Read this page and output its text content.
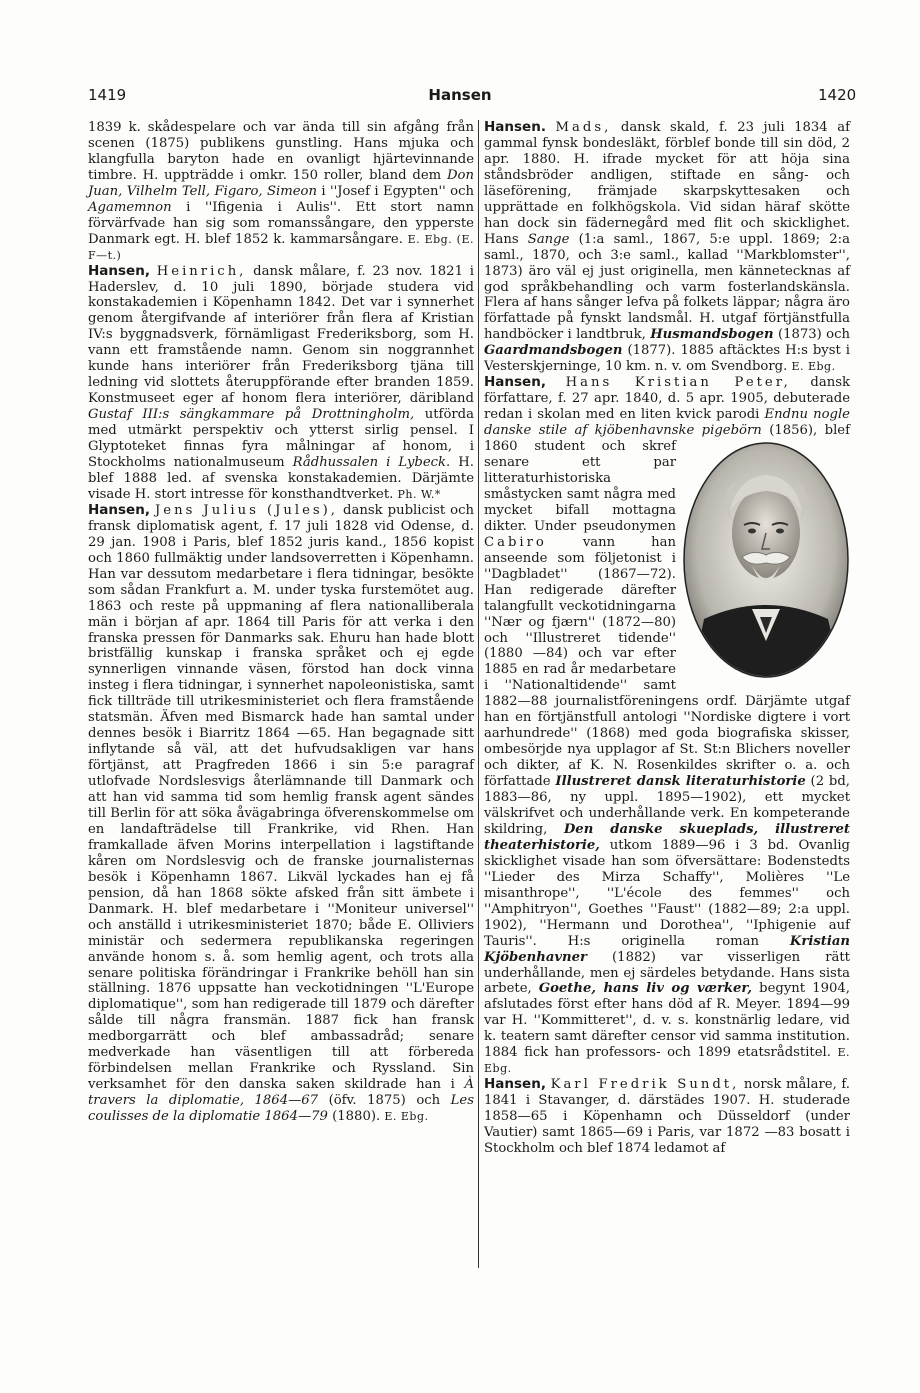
1419	Hansen	1420

1839 k. skådespelare och var ända till sin afgång från scenen (1875) publikens gunstling. Hans mjuka och klangfulla baryton hade en ovanligt hjärtevinnande timbre. H. uppträdde i omkr. 150 roller, bland dem Don Juan, Vilhelm Tell, Figaro, Simeon i ''Josef i Egypten'' och Agamemnon i ''Ifigenia i Aulis''. Ett stort namn förvärfvade han sig som romanssångare, den ypperste Danmark egt. H. blef 1852 k. kammarsångare. E. Ebg. (E. F—t.)

Hansen, Heinrich, dansk målare, f. 23 nov. 1821 i Haderslev, d. 10 juli 1890, började studera vid konstakademien i Köpenhamn 1842. Det var i synnerhet genom återgifvande af interiörer från flera af Kristian IV:s byggnadsverk, förnämligast Frederiksborg, som H. vann ett framstående namn. Genom sin noggrannhet kunde hans interiörer från Frederiksborg tjäna till ledning vid slottets återuppförande efter branden 1859. Konstmuseet eger af honom flera interiörer, däribland Gustaf III:s sängkammare på Drottningholm, utförda med utmärkt perspektiv och ytterst sirlig pensel. I Glyptoteket finnas fyra målningar af honom, i Stockholms nationalmuseum Rådhussalen i Lybeck. H. blef 1888 led. af svenska konstakademien. Därjämte visade H. stort intresse för konsthandtverket. Ph. W.*

Hansen, Jens Julius (Jules), dansk publicist och fransk diplomatisk agent, f. 17 juli 1828 vid Odense, d. 29 jan. 1908 i Paris, blef 1852 juris kand., 1856 kopist och 1860 fullmäktig under landsoverretten i Köpenhamn. Han var dessutom medarbetare i flera tidningar, besökte som sådan Frankfurt a. M. under tyska furstemötet aug. 1863 och reste på uppmaning af flera nationalliberala män i början af apr. 1864 till Paris för att verka i den franska pressen för Danmarks sak. Ehuru han hade blott bristfällig kunskap i franska språket och ej egde synnerligen vinnande väsen, förstod han dock vinna insteg i flera tidningar, i synnerhet napoleonistiska, samt fick tillträde till utrikesministeriet och flera framstående statsmän. Äfven med Bismarck hade han samtal under dennes besök i Biarritz 1864 —65. Han begagnade sitt inflytande så väl, att det hufvudsakligen var hans förtjänst, att Pragfreden 1866 i sin 5:e paragraf utlofvade Nordslesvigs återlämnande till Danmark och att han vid samma tid som hemlig fransk agent sändes till Berlin för att söka åvägabringa öfverenskommelse om en landafträdelse till Frankrike, vid Rhen. Han framkallade äfven Morins interpellation i lagstiftande kåren om Nordslesvig och de franske journalisternas besök i Köpenhamn 1867. Likväl lyckades han ej få pension, då han 1868 sökte afsked från sitt ämbete i Danmark. H. blef medarbetare i ''Moniteur universel'' och anställd i utrikesministeriet 1870; både E. Olliviers ministär och sedermera republikanska regeringen använde honom s. å. som hemlig agent, och trots alla senare politiska förändringar i Frankrike behöll han sin ställning. 1876 uppsatte han veckotidningen ''L'Europe diplomatique'', som han redigerade till 1879 och därefter sålde till några fransmän. 1887 fick han fransk medborgarrätt och blef ambassadråd; senare medverkade han väsentligen till att förbereda förbindelsen mellan Frankrike och Ryssland. Sin verksamhet för den danska saken skildrade han i À travers la diplomatie, 1864—67 (öfv. 1875) och Les coulisses de la diplomatie 1864—79 (1880). E. Ebg.

Hansen. Mads, dansk skald, f. 23 juli 1834 af gammal fynsk bondesläkt, förblef bonde till sin död, 2 apr. 1880. H. ifrade mycket för att höja sina ståndsbröder andligen, stiftade en sång- och läseförening, främjade skarpskyttesaken och upprättade en folkhögskola. Vid sidan häraf skötte han dock sin fädernegård med flit och skicklighet. Hans Sange (1:a saml., 1867, 5:e uppl. 1869; 2:a saml., 1870, och 3:e saml., kallad ''Markblomster'', 1873) äro väl ej just originella, men kännetecknas af god språkbehandling och varm fosterlandskänsla. Flera af hans sånger lefva på folkets läppar; några äro författade på fynskt landsmål. H. utgaf förtjänstfulla handböcker i landtbruk, Husmandsbogen (1873) och Gaardmandsbogen (1877). 1885 aftäcktes H:s byst i Vesterskjerninge, 10 km. n. v. om Svendborg. E. Ebg.

Hansen, Hans Kristian Peter, dansk författare, f. 27 apr. 1840, d. 5 apr. 1905, debuterade redan i skolan med en liten kvick parodi Endnu nogle danske stile af kjöbenhavnske pigebörn
(1856), blef 1860 student och skref senare ett par litteraturhistoriska småstycken samt några med mycket bifall mottagna dikter. Under pseudonymen Cabiro vann han anseende som följetonist i ''Dagbladet'' (1867—72). Han redigerade därefter talangfullt veckotidningarna ''Nær og fjærn'' (1872—80) och ''Illustreret tidende'' (1880 —84) och var efter 1885 en rad år medarbetare i ''Nationaltidende'' samt 1882—88 journalistföreningens ordf. Därjämte utgaf han en förtjänstfull antologi ''Nordiske digtere i vort aarhundrede'' (1868) med goda biografiska skisser, ombesörjde nya upplagor af St. St:n Blichers noveller och dikter, af K. N. Rosenkildes skrifter o. a. och författade Illustreret dansk literaturhistorie (2 bd, 1883—86, ny uppl. 1895—1902), ett mycket välskrifvet och underhållande verk. En kompeterande skildring, Den danske skueplads, illustreret theaterhistorie, utkom 1889—96 i 3 bd. Ovanlig skicklighet visade han som öfversättare: Bodenstedts ''Lieder des Mirza Schaffy'', Molières ''Le misanthrope'', ''L'école des femmes'' och ''Amphitryon'', Goethes ''Faust'' (1882—89; 2:a uppl. 1902), ''Hermann und Dorothea'', ''Iphigenie auf Tauris''. H:s originella roman Kristian Kjöbenhavner (1882) var visserligen rätt underhållande, men ej särdeles betydande. Hans sista arbete, Goethe, hans liv og værker, begynt 1904, afslutades först efter hans död af R. Meyer. 1894—99 var H. ''Kommitteret'', d. v. s. konstnärlig ledare, vid k. teatern samt därefter censor vid samma institution. 1884 fick han professors- och 1899 etatsrådstitel. E. Ebg.

Hansen, Karl Fredrik Sundt, norsk målare, f. 1841 i Stavanger, d. därstädes 1907. H. studerade 1858—65 i Köpenhamn och Düsseldorf (under Vautier) samt 1865—69 i Paris, var 1872 —83 bosatt i Stockholm och blef 1874 ledamot af
